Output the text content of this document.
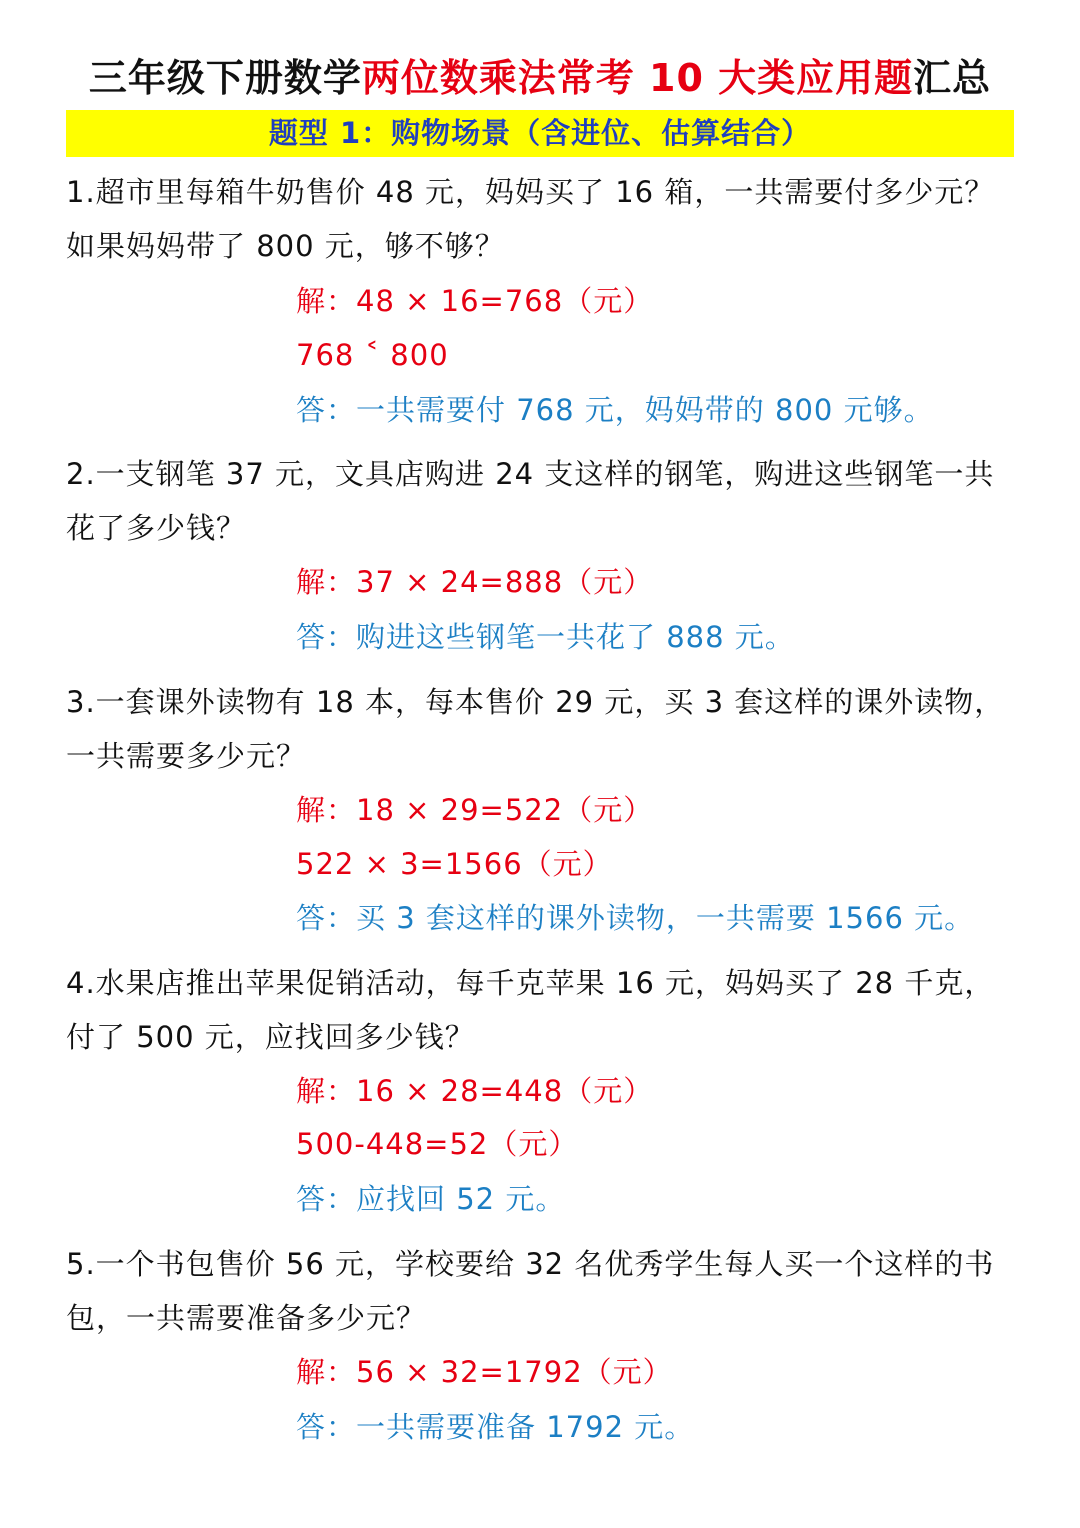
三年级下册数学两位数乘法常考 10 大类应用题汇总
题型 1：购物场景（含进位、估算结合）
1.超市里每箱牛奶售价 48 元，妈妈买了 16 箱，一共需要付多少元？如果妈妈带了 800 元，够不够？
解：48 × 16=768（元）
768 ˂ 800
答：一共需要付 768 元，妈妈带的 800 元够。
2.一支钢笔 37 元，文具店购进 24 支这样的钢笔，购进这些钢笔一共花了多少钱？
解：37 × 24=888（元）
答：购进这些钢笔一共花了 888 元。
3.一套课外读物有 18 本，每本售价 29 元，买 3 套这样的课外读物，一共需要多少元？
解：18 × 29=522（元）
522 × 3=1566（元）
答：买 3 套这样的课外读物，一共需要 1566 元。
4.水果店推出苹果促销活动，每千克苹果 16 元，妈妈买了 28 千克，付了 500 元，应找回多少钱？
解：16 × 28=448（元）
500-448=52（元）
答：应找回 52 元。
5.一个书包售价 56 元，学校要给 32 名优秀学生每人买一个这样的书包，一共需要准备多少元？
解：56 × 32=1792（元）
答：一共需要准备 1792 元。
